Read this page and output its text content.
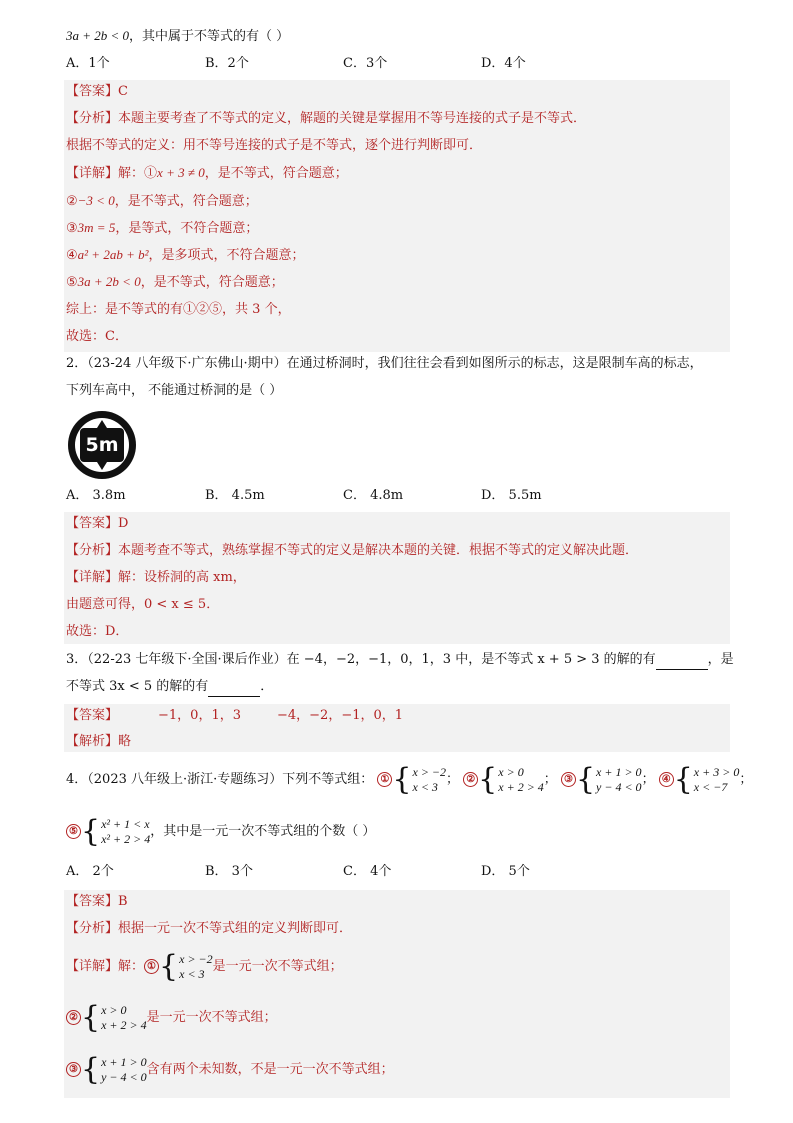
3a + 2b < 0，其中属于不等式的有（ ）
A．1个	B．2个	C．3个	D．4个
【答案】C
【分析】本题主要考查了不等式的定义，解题的关键是掌握用不等号连接的式子是不等式．
根据不等式的定义：用不等号连接的式子是不等式，逐个进行判断即可．
【详解】解：①x + 3 ≠ 0，是不等式，符合题意；
②−3 < 0，是不等式，符合题意；
③3m = 5，是等式，不符合题意；
④a² + 2ab + b²，是多项式，不符合题意；
⑤3a + 2b < 0，是不等式，符合题意；
综上：是不等式的有①②⑤，共 3 个，
故选：C．
2．（23-24 八年级下·广东佛山·期中）在通过桥洞时，我们往往会看到如图所示的标志，这是限制车高的标志，
下列车高中， 不能通过桥洞的是（ ）
5m
A． 3.8m	B． 4.5m	C． 4.8m	D． 5.5m
【答案】D
【分析】本题考查不等式，熟练掌握不等式的定义是解决本题的关键．根据不等式的定义解决此题．
【详解】解：设桥洞的高 xm，
由题意可得，0 < x ≤ 5．
故选：D．
3．（22-23 七年级下·全国·课后作业）在 −4，−2，−1，0，1，3 中，是不等式 x + 5 > 3 的解的有	，是
不等式 3x < 5 的解的有	．
【答案】	−1，0，1，3	−4，−2，−1，0，1
【解析】略
4．（2023 八年级上·浙江·专题练习）下列不等式组： ① {x > −2
x < 3 ； ② {x > 0
x + 2 > 4； ③ {x + 1 > 0
y − 4 < 0； ④ {x + 3 > 0
x < −7 ；
⑤ {x² + 1 < x
x² + 2 > 4，其中是一元一次不等式组的个数（ ）
A． 2个	B． 3个	C． 4个	D． 5个
【答案】B
【分析】根据一元一次不等式组的定义判断即可．
【详解】解： ① {x > −2
x < 3 是一元一次不等式组；
② {x > 0
x + 2 > 4是一元一次不等式组；
③ {x + 1 > 0
y − 4 < 0含有两个未知数，不是一元一次不等式组；
